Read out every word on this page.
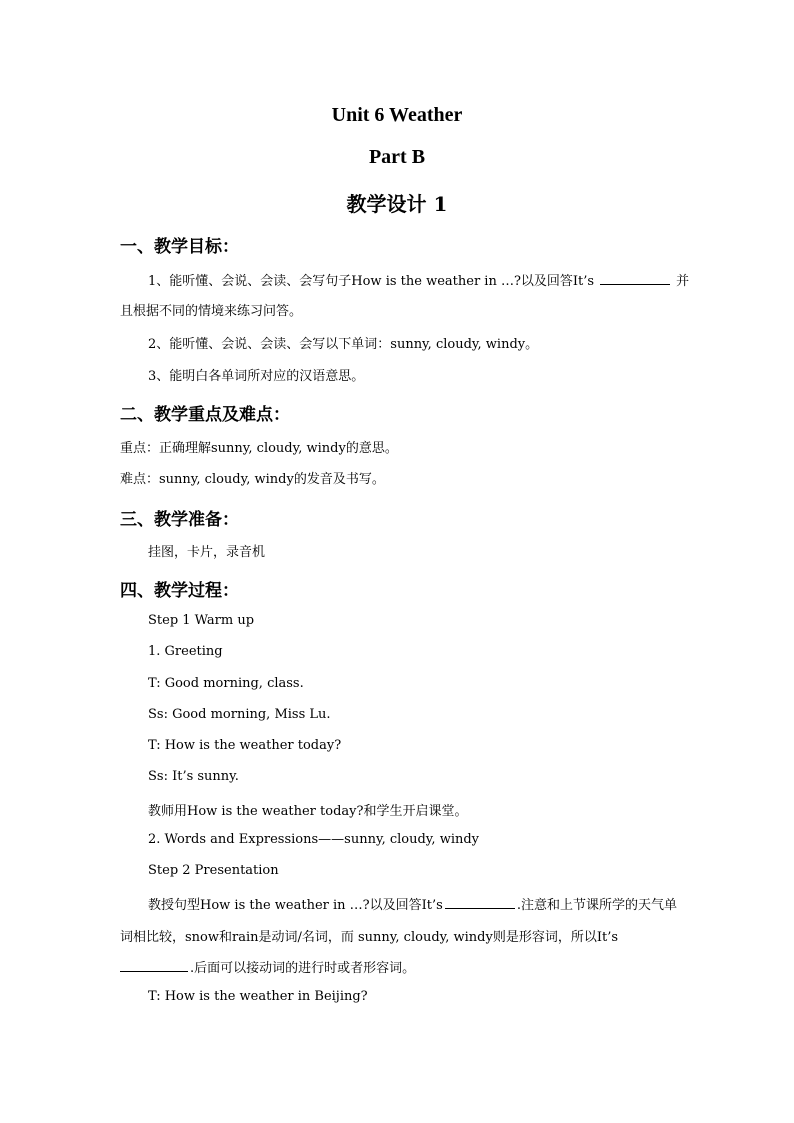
Unit 6 Weather
Part B
教学设计 1
一、教学目标：
1、能听懂、会说、会读、会写句子How is the weather in …?以及回答It’s	并
且根据不同的情境来练习问答。
2、能听懂、会说、会读、会写以下单词：sunny, cloudy, windy。
3、能明白各单词所对应的汉语意思。
二、教学重点及难点：
重点：正确理解sunny, cloudy, windy的意思。
难点：sunny, cloudy, windy的发音及书写。
三、教学准备：
挂图，卡片，录音机
四、教学过程：
Step 1 Warm up
1. Greeting
T: Good morning, class.
Ss: Good morning, Miss Lu.
T: How is the weather today?
Ss: It’s sunny.
教师用How is the weather today?和学生开启课堂。
2. Words and Expressions——sunny, cloudy, windy
Step 2 Presentation
教授句型How is the weather in …?以及回答It’s	.注意和上节课所学的天气单
词相比较，snow和rain是动词/名词，而 sunny, cloudy, windy则是形容词，所以It’s
.后面可以接动词的进行时或者形容词。
T: How is the weather in Beijing?
